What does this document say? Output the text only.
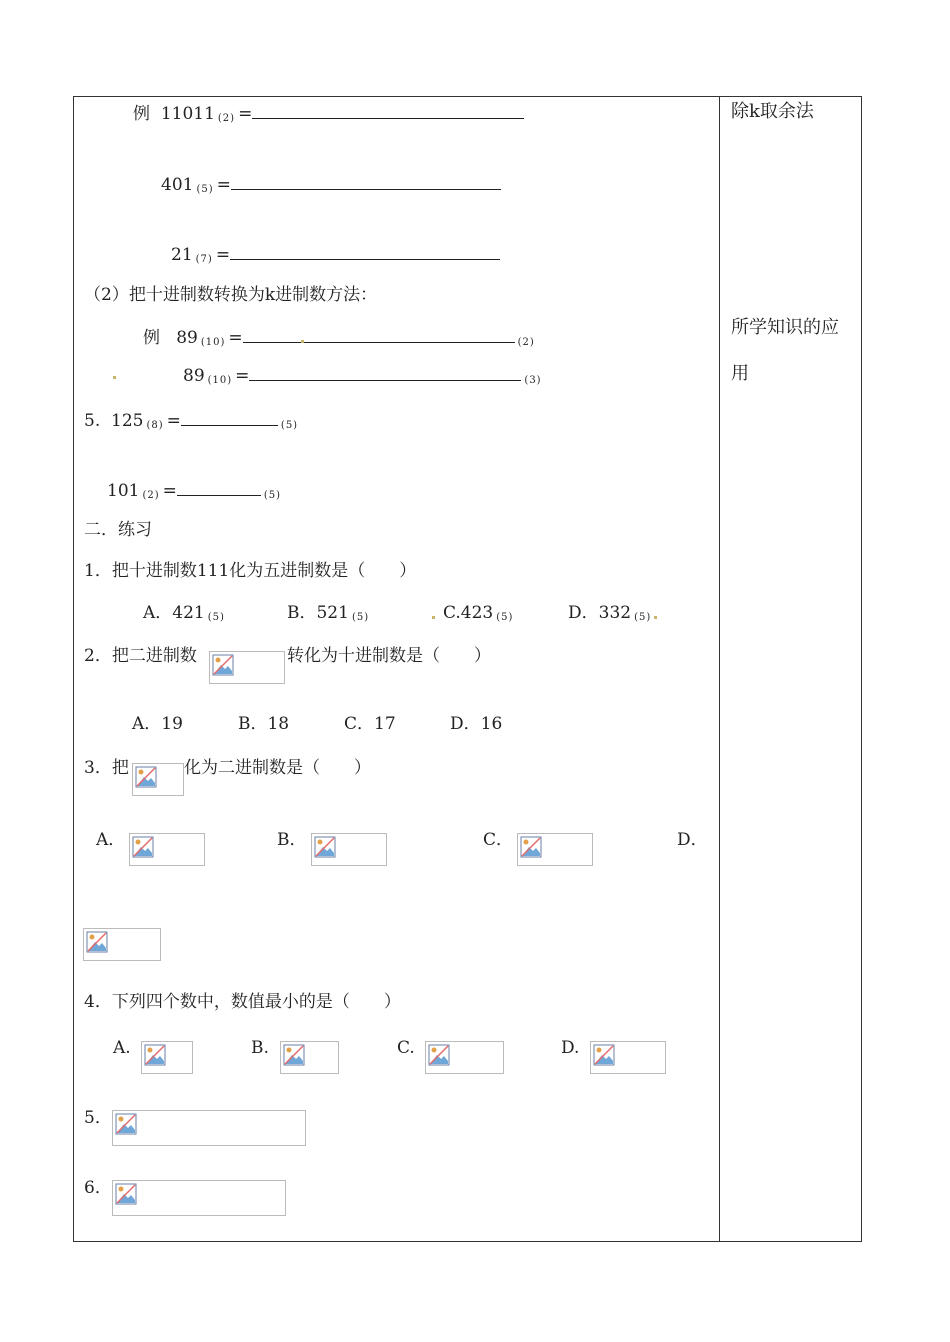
例 11011 (2) =
401 (5) =
21 (7) =
（2）把十进制数转换为k进制数方法：
例 89 (10) =	(2)
89 (10) =	(3)
5. 125 (8) =	(5)
101 (2) =	(5)
二．练习
1．把十进制数111化为五进制数是（　　）
A．421 (5)	B．521 (5)	C.423 (5)	D．332 (5)
2．把二进制数	转化为十进制数是（　　）
A．19	B．18	C．17	D．16
3．把	化为二进制数是（　　）
A．	B．	C．	D．
4．下列四个数中，数值最小的是（　　）
A.	B.	C.	D.
5．
6．
除k取余法
所学知识的应
用
